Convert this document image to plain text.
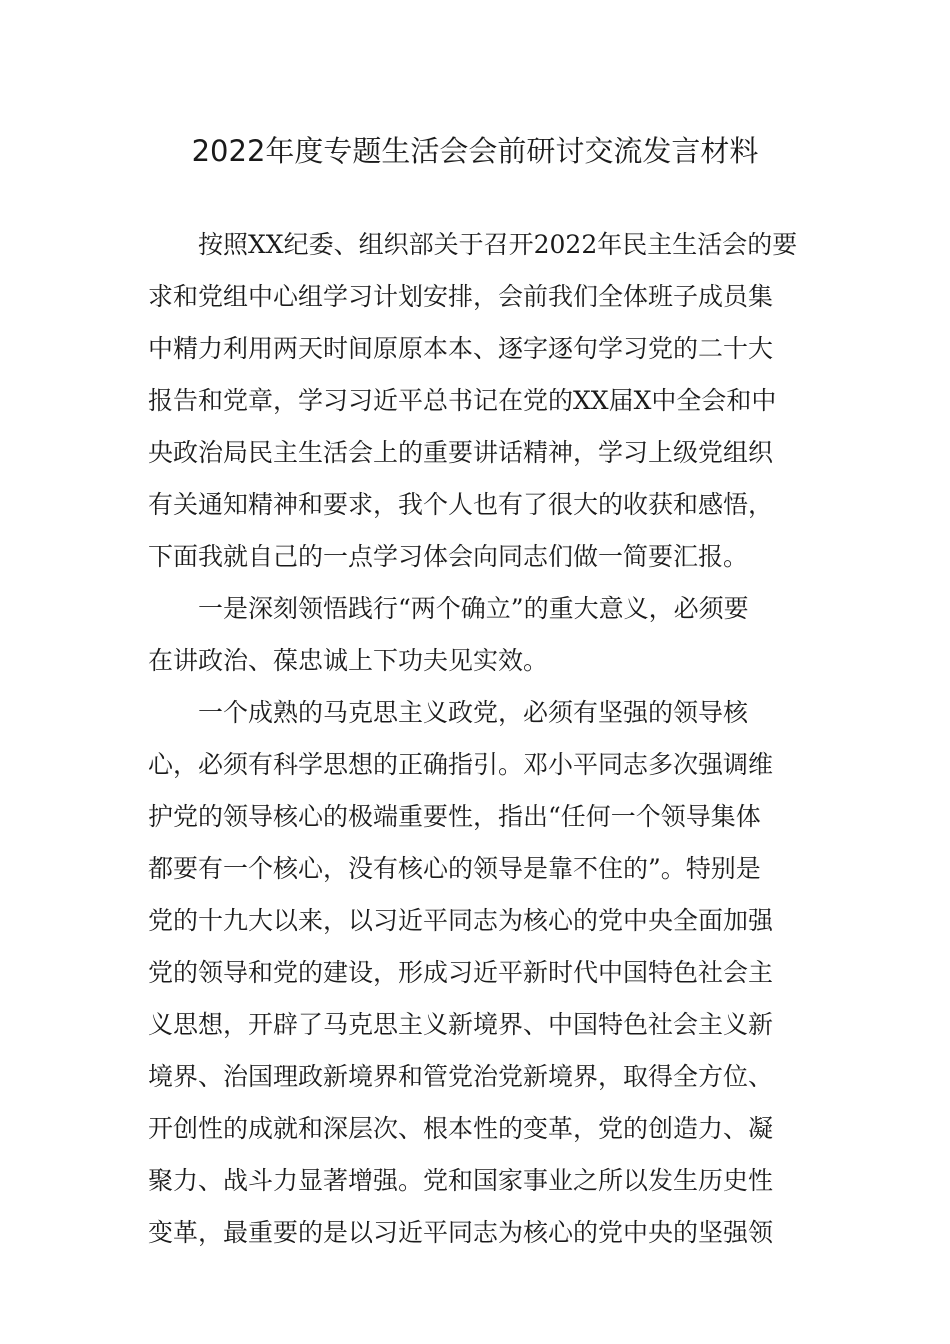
2022年度专题生活会会前研讨交流发言材料
按照XX纪委、组织部关于召开2022年民主生活会的要
求和党组中心组学习计划安排，会前我们全体班子成员集
中精力利用两天时间原原本本、逐字逐句学习党的二十大
报告和党章，学习习近平总书记在党的XX届X中全会和中
央政治局民主生活会上的重要讲话精神，学习上级党组织
有关通知精神和要求，我个人也有了很大的收获和感悟，
下面我就自己的一点学习体会向同志们做一简要汇报。
一是深刻领悟践行“两个确立”的重大意义，必须要
在讲政治、葆忠诚上下功夫见实效。
一个成熟的马克思主义政党，必须有坚强的领导核
心，必须有科学思想的正确指引。邓小平同志多次强调维
护党的领导核心的极端重要性，指出“任何一个领导集体
都要有一个核心，没有核心的领导是靠不住的”。特别是
党的十九大以来，以习近平同志为核心的党中央全面加强
党的领导和党的建设，形成习近平新时代中国特色社会主
义思想，开辟了马克思主义新境界、中国特色社会主义新
境界、治国理政新境界和管党治党新境界，取得全方位、
开创性的成就和深层次、根本性的变革，党的创造力、凝
聚力、战斗力显著增强。党和国家事业之所以发生历史性
变革，最重要的是以习近平同志为核心的党中央的坚强领
